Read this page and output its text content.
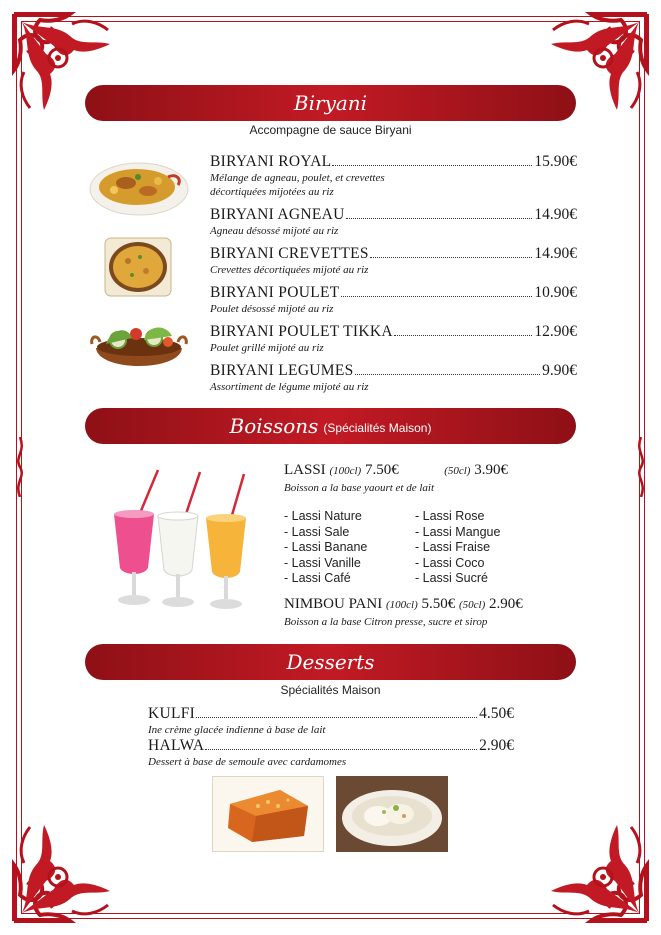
Biryani
Accompagne de sauce Biryani
BIRYANI ROYAL	15.90€
Mélange de agneau, poulet, et crevettes
décortiquées mijotées au riz
BIRYANI AGNEAU	14.90€
Agneau désossé mijoté au riz
BIRYANI CREVETTES	14.90€
Crevettes décortiquées mijoté au riz
BIRYANI POULET	10.90€
Poulet désossé mijoté au riz
BIRYANI POULET TIKKA	12.90€
Poulet grillé mijoté au riz
BIRYANI LEGUMES	9.90€
Assortiment de légume mijoté au riz
Boissons (Spécialités Maison)
LASSI (100cl) 7.50€	(50cl) 3.90€
Boisson a la base yaourt et de lait
- Lassi Nature
- Lassi Sale
- Lassi Banane
- Lassi Vanille
- Lassi Café
- Lassi Rose
- Lassi Mangue
- Lassi Fraise
- Lassi Coco
- Lassi Sucré
NIMBOU PANI (100cl) 5.50€ (50cl) 2.90€
Boisson a la base Citron presse, sucre et sirop
Desserts
Spécialités Maison
KULFI	4.50€
Ine crème glacée indienne à base de lait
HALWA	2.90€
Dessert à base de semoule avec cardamomes
